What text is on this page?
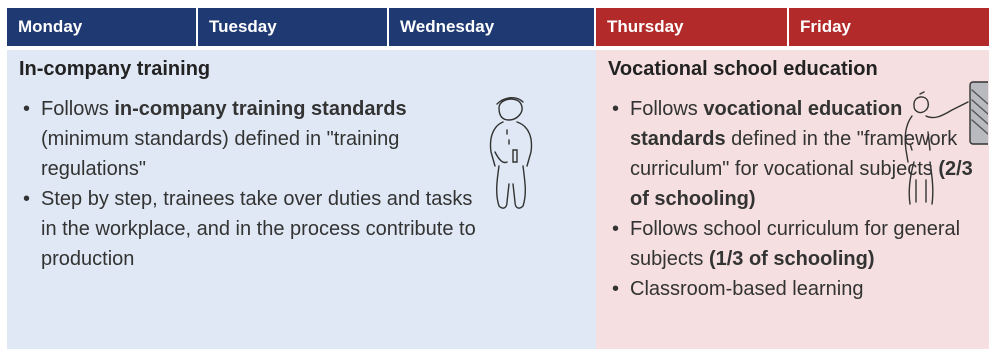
Monday	Tuesday	Wednesday	Thursday	Friday
In-company training
• Follows in-company training standards (minimum standards) defined in "training regulations"
• Step by step, trainees take over duties and tasks in the workplace, and in the process contribute to production
Vocational school education
• Follows vocational education standards defined in the "framework curriculum" for vocational subjects (2/3 of schooling)
• Follows school curriculum for general subjects (1/3 of schooling)
• Classroom-based learning
